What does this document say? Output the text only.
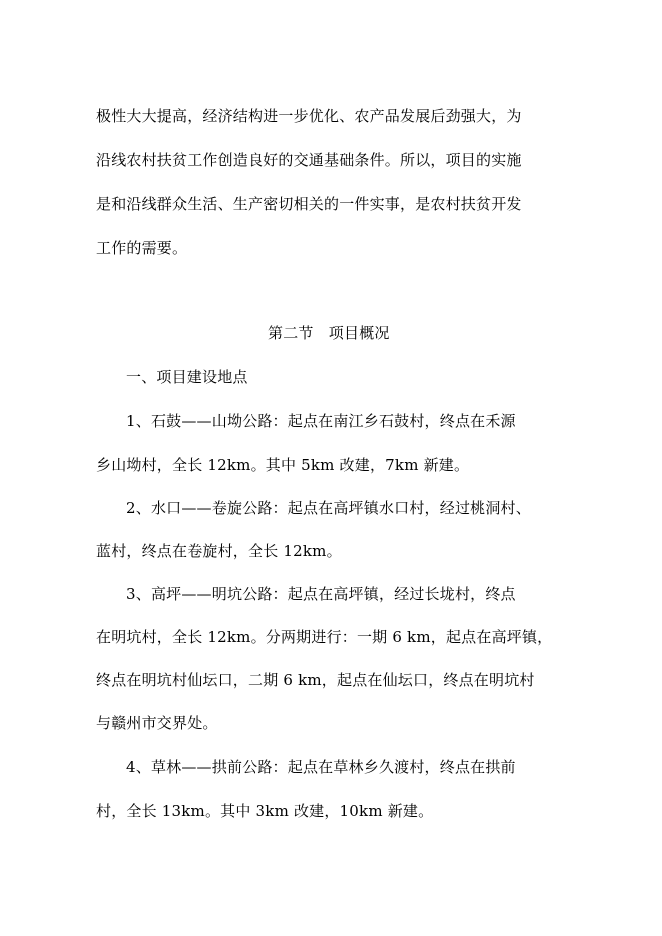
极性大大提高，经济结构进一步优化、农产品发展后劲强大，为
沿线农村扶贫工作创造良好的交通基础条件。所以，项目的实施
是和沿线群众生活、生产密切相关的一件实事，是农村扶贫开发
工作的需要。
第二节　项目概况
一、项目建设地点
1、石鼓——山坳公路：起点在南江乡石鼓村，终点在禾源
乡山坳村，全长 12km。其中 5km 改建，7km 新建。
2、水口——卷旋公路：起点在高坪镇水口村，经过桃洞村、
蓝村，终点在卷旋村，全长 12km。
3、高坪——明坑公路：起点在高坪镇，经过长垅村，终点
在明坑村，全长 12km。分两期进行：一期 6 km，起点在高坪镇，
终点在明坑村仙坛口，二期 6 km，起点在仙坛口，终点在明坑村
与赣州市交界处。
4、草林——拱前公路：起点在草林乡久渡村，终点在拱前
村，全长 13km。其中 3km 改建，10km 新建。
